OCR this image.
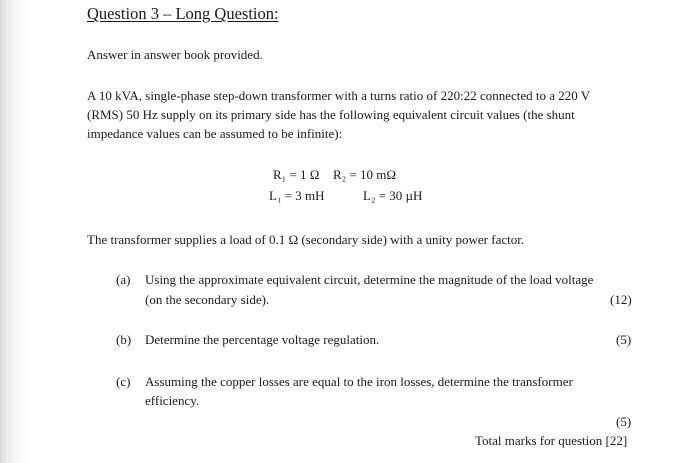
Question 3 – Long Question:
Answer in answer book provided.
A 10 kVA, single-phase step-down transformer with a turns ratio of 220:22 connected to a 220 V
(RMS) 50 Hz supply on its primary side has the following equivalent circuit values (the shunt
impedance values can be assumed to be infinite):
R₁ = 1 Ω R₂ = 10 mΩ
L₁ = 3 mH	L₂ = 30 µH
The transformer supplies a load of 0.1 Ω (secondary side) with a unity power factor.
(a) Using the approximate equivalent circuit, determine the magnitude of the load voltage
(on the secondary side).	(12)
(b) Determine the percentage voltage regulation.	(5)
(c) Assuming the copper losses are equal to the iron losses, determine the transformer
efficiency.
(5)
Total marks for question [22]
